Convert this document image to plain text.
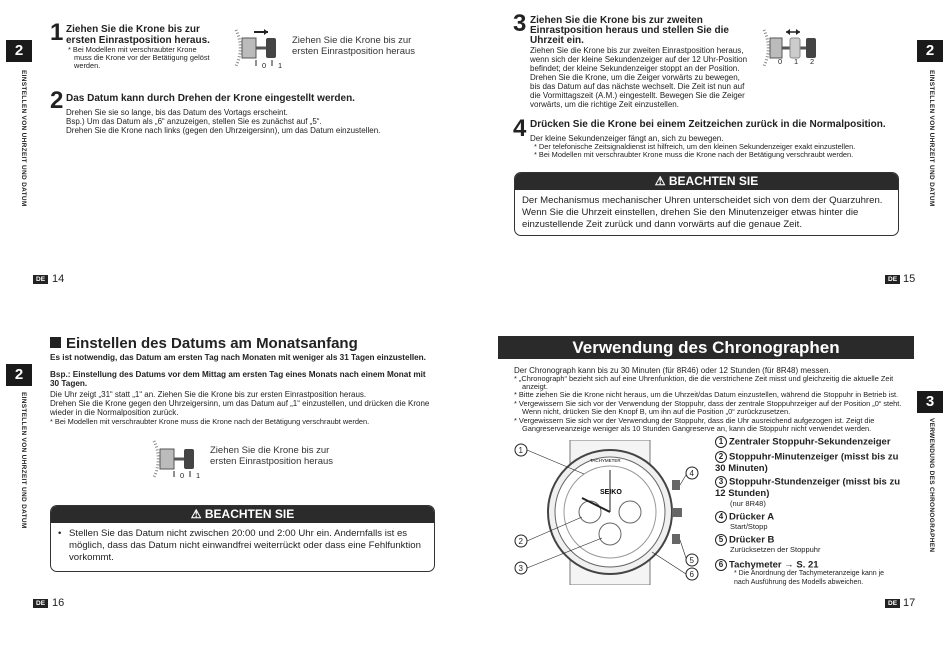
2
EINSTELLEN VON UHRZEIT UND DATUM
1 Ziehen Sie die Krone bis zur
ersten Einrastposition heraus.
* Bei Modellen mit verschraubter Krone
muss die Krone vor der Betätigung gelöst
werden.	0 1
Ziehen Sie die Krone bis zur ersten Einrastposition heraus
2 Das Datum kann durch Drehen der Krone eingestellt werden.
Drehen Sie sie so lange, bis das Datum des Vortags erscheint.
Bsp.) Um das Datum als „6“ anzuzeigen, stellen Sie es zunächst auf „5“.
Drehen Sie die Krone nach links (gegen den Uhrzeigersinn), um das Datum einzustellen.
DE 14
2
EINSTELLEN VON UHRZEIT UND DATUM
3 Ziehen Sie die Krone bis zur zweiten
Einrastposition heraus und stellen Sie die
Uhrzeit ein.
Ziehen Sie die Krone bis zur zweiten Einrastposition heraus,
wenn sich der kleine Sekundenzeiger auf der 12 Uhr-Position
befindet; der kleine Sekundenzeiger stoppt an der Position.
Drehen Sie die Krone, um die Zeiger vorwärts zu bewegen,
bis das Datum auf das nächste wechselt. Die Zeit ist nun auf
die Vormittagszeit (A.M.) eingestellt. Bewegen Sie die Zeiger
vorwärts, um die richtige Zeit einzustellen.
0 1 2
4 Drücken Sie die Krone bei einem Zeitzeichen zurück in die Normalposition.
Der kleine Sekundenzeiger fängt an, sich zu bewegen.
* Der telefonische Zeitsignaldienst ist hilfreich, um den kleinen Sekundenzeiger exakt einzustellen.
* Bei Modellen mit verschraubter Krone muss die Krone nach der Betätigung verschraubt werden.
⚠ BEACHTEN SIE
Der Mechanismus mechanischer Uhren unterscheidet sich von dem der Quarzuhren. Wenn Sie die Uhrzeit einstellen, drehen Sie den Minutenzeiger etwas hinter die einzustellende Zeit zurück und dann vorwärts auf die genaue Zeit.
DE 15
2
EINSTELLEN VON UHRZEIT UND DATUM
Einstellen des Datums am Monatsanfang
Es ist notwendig, das Datum am ersten Tag nach Monaten mit weniger als 31 Tagen einzustellen.
Bsp.: Einstellung des Datums vor dem Mittag am ersten Tag eines Monats nach einem Monat mit
30 Tagen.
Die Uhr zeigt „31“ statt „1“ an. Ziehen Sie die Krone bis zur ersten Einrastposition heraus.
Drehen Sie die Krone gegen den Uhrzeigersinn, um das Datum auf „1“ einzustellen, und drücken die Krone
wieder in die Normalposition zurück.
* Bei Modellen mit verschraubter Krone muss die Krone nach der Betätigung verschraubt werden.
0 1
Ziehen Sie die Krone bis zur ersten Einrastposition heraus
⚠ BEACHTEN SIE
• Stellen Sie das Datum nicht zwischen 20:00 und 2:00 Uhr ein. Andernfalls ist es möglich, dass das Datum nicht einwandfrei weiterrückt oder dass eine Fehlfunktion vorkommt.
DE 16
3
VERWENDUNG DES CHRONOGRAPHEN
Verwendung des Chronographen
Der Chronograph kann bis zu 30 Minuten (für 8R46) oder 12 Stunden (für 8R48) messen.
* „Chronograph“ bezieht sich auf eine Uhrenfunktion, die die verstrichene Zeit misst und gleichzeitig die aktuelle Zeit
anzeigt.
* Bitte ziehen Sie die Krone nicht heraus, um die Uhrzeit/das Datum einzustellen, während die Stoppuhr in Betrieb ist.
* Vergewissern Sie sich vor der Verwendung der Stoppuhr, dass der zentrale Stoppuhrzeiger auf der Position „0“ steht.
Wenn nicht, drücken Sie den Knopf B, um ihn auf die Position „0“ zurückzusetzen.
* Vergewissern Sie sich vor der Verwendung der Stoppuhr, dass die Uhr ausreichend aufgezogen ist. Zeigt die
Gangreserveanzeige weniger als 10 Stunden Gangreserve an, kann die Stoppuhr nicht verwendet werden.
SEIKO
TACHYMETER
1
2
3
4
5
6
1 Zentraler Stoppuhr-Sekundenzeiger
2 Stoppuhr-Minutenzeiger (misst bis zu 30 Minuten)
3 Stoppuhr-Stundenzeiger (misst bis zu 12 Stunden)
(nur 8R48)
4 Drücker A
Start/Stopp
5 Drücker B
Zurücksetzen der Stoppuhr
6 Tachymeter → S. 21
* Die Anordnung der Tachymeteranzeige kann je nach Ausführung des Modells abweichen.
DE 17
